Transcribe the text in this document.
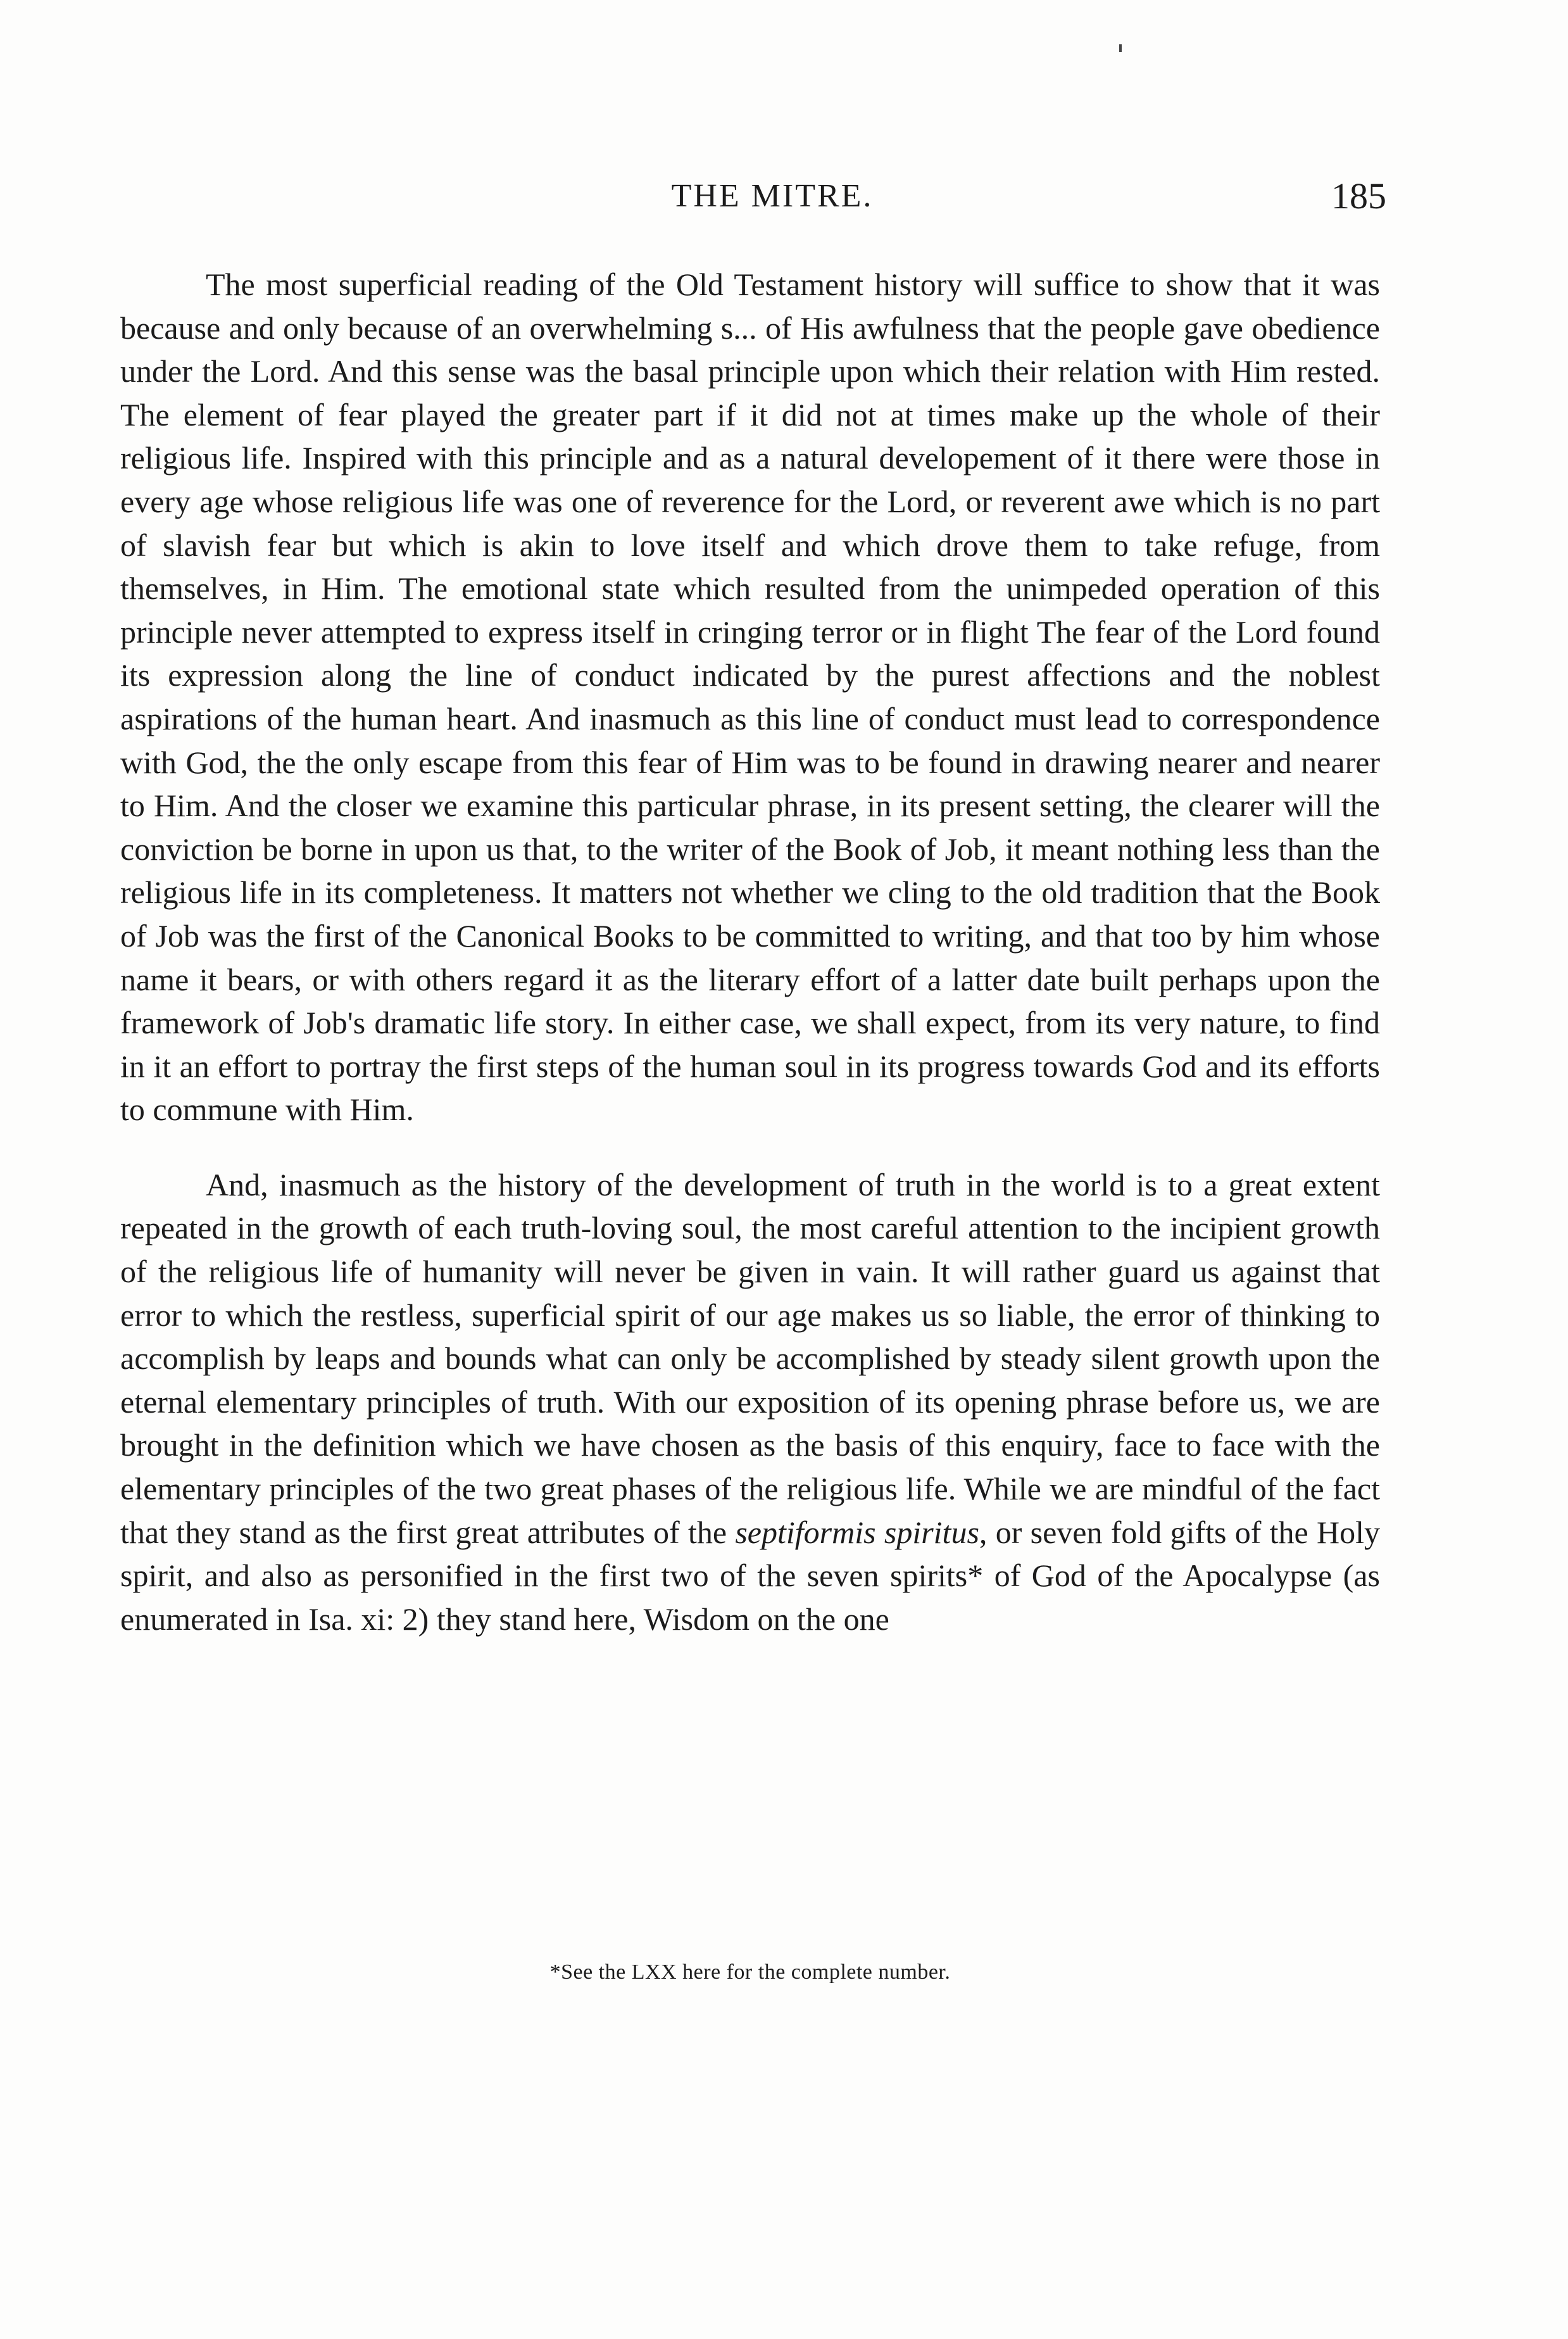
THE MITRE.	185

The most superficial reading of the Old Testament history will suffice to show that it was because and only because of an overwhelming s... of His awfulness that the people gave obedience under the Lord. And this sense was the basal principle upon which their relation with Him rested. The element of fear played the greater part if it did not at times make up the whole of their religious life. Inspired with this principle and as a natural developement of it there were those in every age whose religious life was one of reverence for the Lord, or reverent awe which is no part of slavish fear but which is akin to love itself and which drove them to take refuge, from themselves, in Him. The emotional state which resulted from the unimpeded operation of this principle never attempted to express itself in cringing terror or in flight The fear of the Lord found its expression along the line of conduct indicated by the purest affections and the noblest aspirations of the human heart. And inasmuch as this line of conduct must lead to correspondence with God, the the only escape from this fear of Him was to be found in drawing nearer and nearer to Him. And the closer we examine this particular phrase, in its present setting, the clearer will the conviction be borne in upon us that, to the writer of the Book of Job, it meant nothing less than the religious life in its completeness. It matters not whether we cling to the old tradition that the Book of Job was the first of the Canonical Books to be committed to writing, and that too by him whose name it bears, or with others regard it as the literary effort of a latter date built perhaps upon the framework of Job's dramatic life story. In either case, we shall expect, from its very nature, to find in it an effort to portray the first steps of the human soul in its progress towards God and its efforts to commune with Him.

And, inasmuch as the history of the development of truth in the world is to a great extent repeated in the growth of each truth-loving soul, the most careful attention to the incipient growth of the religious life of humanity will never be given in vain. It will rather guard us against that error to which the restless, superficial spirit of our age makes us so liable, the error of thinking to accomplish by leaps and bounds what can only be accomplished by steady silent growth upon the eternal elementary principles of truth. With our exposition of its opening phrase before us, we are brought in the definition which we have chosen as the basis of this enquiry, face to face with the elementary principles of the two great phases of the religious life. While we are mindful of the fact that they stand as the first great attributes of the septiformis spiritus, or seven fold gifts of the Holy spirit, and also as personified in the first two of the seven spirits* of God of the Apocalypse (as enumerated in Isa. xi: 2) they stand here, Wisdom on the one

*See the LXX here for the complete number.
